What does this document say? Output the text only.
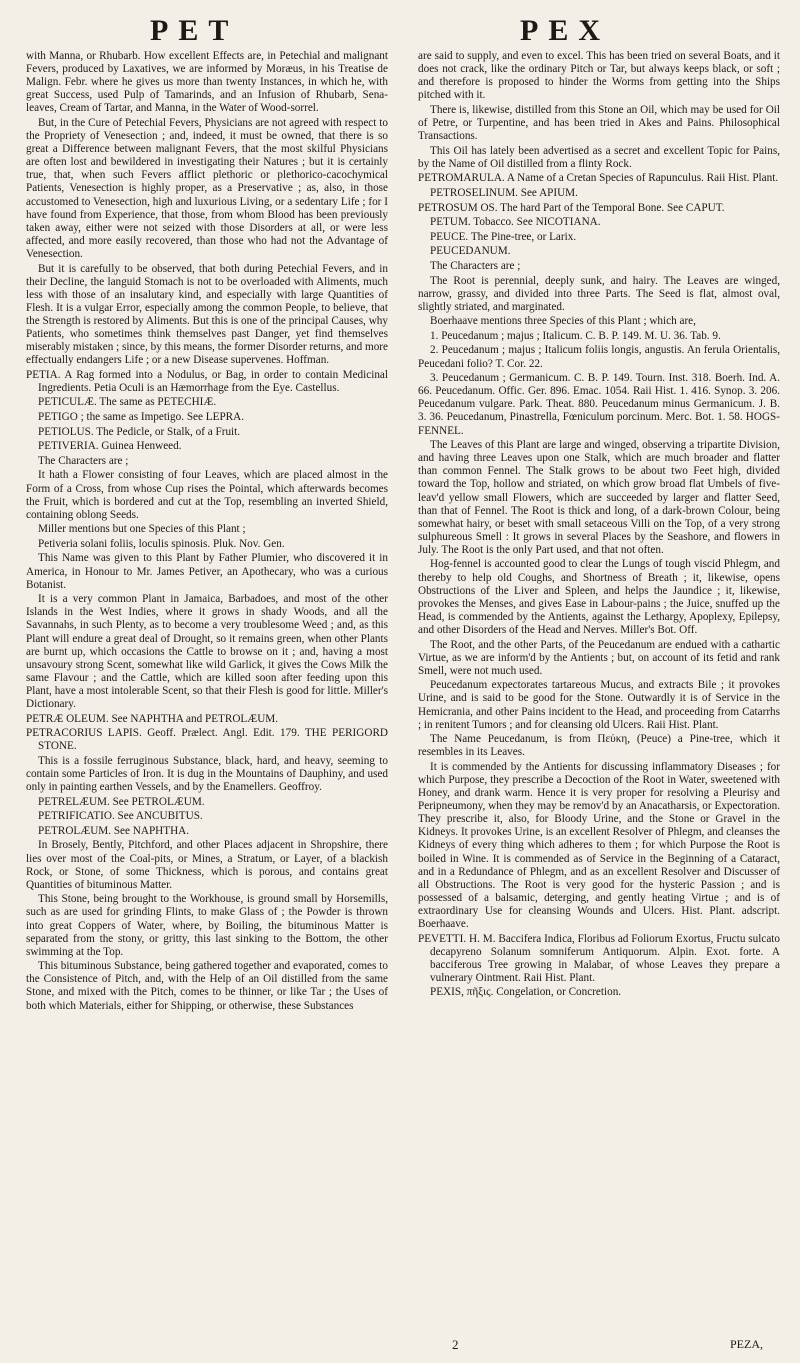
PET	PEX

with Manna, or Rhubarb. How excellent Effects are, in Petechial and malignant Fevers, produced by Laxatives, we are informed by Moræus, in his Treatise de Malign. Febr. where he gives us more than twenty Instances, in which he, with great Success, used Pulp of Tamarinds, and an Infusion of Rhubarb, Sena-leaves, Cream of Tartar, and Manna, in the Water of Wood-sorrel.

But, in the Cure of Petechial Fevers, Physicians are not agreed with respect to the Propriety of Venesection ; and, indeed, it must be owned, that there is so great a Difference between malignant Fevers, that the most skilful Physicians are often lost and bewildered in investigating their Natures ; but it is certainly true, that, when such Fevers afflict plethoric or plethorico-cacochymical Patients, Venesection is highly proper, as a Preservative ; as, also, in those accustomed to Venesection, high and luxurious Living, or a sedentary Life ; for I have found from Experience, that those, from whom Blood has been previously taken away, either were not seized with those Disorders at all, or were less affected, and more easily recovered, than those who had not the Advantage of Venesection.

But it is carefully to be observed, that both during Petechial Fevers, and in their Decline, the languid Stomach is not to be overloaded with Aliments, much less with those of an insalutary kind, and especially with large Quantities of Flesh. It is a vulgar Error, especially among the common People, to believe, that the Strength is restored by Aliments. But this is one of the principal Causes, why Patients, who sometimes think themselves past Danger, yet find themselves miserably mistaken ; since, by this means, the former Disorder returns, and more effectually endangers Life ; or a new Disease supervenes. Hoffman.

PETIA. A Rag formed into a Nodulus, or Bag, in order to contain Medicinal Ingredients. Petia Oculi is an Hæmorrhage from the Eye. Castellus.

PETICULÆ. The same as PETECHIÆ.

PETIGO ; the same as Impetigo. See LEPRA.

PETIOLUS. The Pedicle, or Stalk, of a Fruit.

PETIVERIA. Guinea Henweed.

The Characters are ;

It hath a Flower consisting of four Leaves, which are placed almost in the Form of a Cross, from whose Cup rises the Pointal, which afterwards becomes the Fruit, which is bordered and cut at the Top, resembling an inverted Shield, containing oblong Seeds.

Miller mentions but one Species of this Plant ;

Petiveria solani foliis, loculis spinosis. Pluk. Nov. Gen.

This Name was given to this Plant by Father Plumier, who discovered it in America, in Honour to Mr. James Petiver, an Apothecary, who was a curious Botanist.

It is a very common Plant in Jamaica, Barbadoes, and most of the other Islands in the West Indies, where it grows in shady Woods, and all the Savannahs, in such Plenty, as to become a very troublesome Weed ; and, as this Plant will endure a great deal of Drought, so it remains green, when other Plants are burnt up, which occasions the Cattle to browse on it ; and, having a most unsavoury strong Scent, somewhat like wild Garlick, it gives the Cows Milk the same Flavour ; and the Cattle, which are killed soon after feeding upon this Plant, have a most intolerable Scent, so that their Flesh is good for little. Miller's Dictionary.

PETRÆ OLEUM. See NAPHTHA and PETROLÆUM.

PETRACORIUS LAPIS. Geoff. Prælect. Angl. Edit. 179. THE PERIGORD STONE.

This is a fossile ferruginous Substance, black, hard, and heavy, seeming to contain some Particles of Iron. It is dug in the Mountains of Dauphiny, and used only in painting earthen Vessels, and by the Enamellers. Geoffroy.

PETRELÆUM. See PETROLÆUM.

PETRIFICATIO. See ANCUBITUS.

PETROLÆUM. See NAPHTHA.

In Brosely, Bently, Pitchford, and other Places adjacent in Shropshire, there lies over most of the Coal-pits, or Mines, a Stratum, or Layer, of a blackish Rock, or Stone, of some Thickness, which is porous, and contains great Quantities of bituminous Matter.

This Stone, being brought to the Workhouse, is ground small by Horsemills, such as are used for grinding Flints, to make Glass of ; the Powder is thrown into great Coppers of Water, where, by Boiling, the bituminous Matter is separated from the stony, or gritty, this last sinking to the Bottom, the other swimming at the Top.

This bituminous Substance, being gathered together and evaporated, comes to the Consistence of Pitch, and, with the Help of an Oil distilled from the same Stone, and mixed with the Pitch, comes to be thinner, or like Tar ; the Uses of both which Materials, either for Shipping, or otherwise, these Substances

are said to supply, and even to excel. This has been tried on several Boats, and it does not crack, like the ordinary Pitch or Tar, but always keeps black, or soft ; and therefore is proposed to hinder the Worms from getting into the Ships pitched with it.

There is, likewise, distilled from this Stone an Oil, which may be used for Oil of Petre, or Turpentine, and has been tried in Akes and Pains. Philosophical Transactions.

This Oil has lately been advertised as a secret and excellent Topic for Pains, by the Name of Oil distilled from a flinty Rock.

PETROMARULA. A Name of a Cretan Species of Rapunculus. Raii Hist. Plant.

PETROSELINUM. See APIUM.

PETROSUM OS. The hard Part of the Temporal Bone. See CAPUT.

PETUM. Tobacco. See NICOTIANA.

PEUCE. The Pine-tree, or Larix.

PEUCEDANUM.

The Characters are ;

The Root is perennial, deeply sunk, and hairy. The Leaves are winged, narrow, grassy, and divided into three Parts. The Seed is flat, almost oval, slightly striated, and marginated.

Boerhaave mentions three Species of this Plant ; which are,

1. Peucedanum ; majus ; Italicum. C. B. P. 149. M. U. 36. Tab. 9.

2. Peucedanum ; majus ; Italicum foliis longis, angustis. An ferula Orientalis, Peucedani folio? T. Cor. 22.

3. Peucedanum ; Germanicum. C. B. P. 149. Tourn. Inst. 318. Boerh. Ind. A. 66. Peucedanum. Offic. Ger. 896. Emac. 1054. Raii Hist. 1. 416. Synop. 3. 206. Peucedanum vulgare. Park. Theat. 880. Peucedanum minus Germanicum. J. B. 3. 36. Peucedanum, Pinastrella, Fœniculum porcinum. Merc. Bot. 1. 58. HOGS-FENNEL.

The Leaves of this Plant are large and winged, observing a tripartite Division, and having three Leaves upon one Stalk, which are much broader and flatter than common Fennel. The Stalk grows to be about two Feet high, divided toward the Top, hollow and striated, on which grow broad flat Umbels of five-leav'd yellow small Flowers, which are succeeded by larger and flatter Seed, than that of Fennel. The Root is thick and long, of a dark-brown Colour, being somewhat hairy, or beset with small setaceous Villi on the Top, of a very strong sulphureous Smell : It grows in several Places by the Seashore, and flowers in July. The Root is the only Part used, and that not often.

Hog-fennel is accounted good to clear the Lungs of tough viscid Phlegm, and thereby to help old Coughs, and Shortness of Breath ; it, likewise, opens Obstructions of the Liver and Spleen, and helps the Jaundice ; it, likewise, provokes the Menses, and gives Ease in Labour-pains ; the Juice, snuffed up the Head, is commended by the Antients, against the Lethargy, Apoplexy, Epilepsy, and other Disorders of the Head and Nerves. Miller's Bot. Off.

The Root, and the other Parts, of the Peucedanum are endued with a cathartic Virtue, as we are inform'd by the Antients ; but, on account of its fetid and rank Smell, were not much used.

Peucedanum expectorates tartareous Mucus, and extracts Bile ; it provokes Urine, and is said to be good for the Stone. Outwardly it is of Service in the Hemicrania, and other Pains incident to the Head, and proceeding from Catarrhs ; in renitent Tumors ; and for cleansing old Ulcers. Raii Hist. Plant.

The Name Peucedanum, is from Πεύκη, (Peuce) a Pine-tree, which it resembles in its Leaves.

It is commended by the Antients for discussing inflammatory Diseases ; for which Purpose, they prescribe a Decoction of the Root in Water, sweetened with Honey, and drank warm. Hence it is very proper for resolving a Pleurisy and Peripneumony, when they may be remov'd by an Anacatharsis, or Expectoration. They prescribe it, also, for Bloody Urine, and the Stone or Gravel in the Kidneys. It provokes Urine, is an excellent Resolver of Phlegm, and cleanses the Kidneys of every thing which adheres to them ; for which Purpose the Root is boiled in Wine. It is commended as of Service in the Beginning of a Cataract, and in a Redundance of Phlegm, and as an excellent Resolver and Discusser of all Obstructions. The Root is very good for the hysteric Passion ; and is possessed of a balsamic, deterging, and gently heating Virtue ; and is of extraordinary Use for cleansing Wounds and Ulcers. Hist. Plant. adscript. Boerhaave.

PEVETTI. H. M. Baccifera Indica, Floribus ad Foliorum Exortus, Fructu sulcato decapyreno Solanum somniferum Antiquorum. Alpin. Exot. forte. A bacciferous Tree growing in Malabar, of whose Leaves they prepare a vulnerary Ointment. Raii Hist. Plant.

PEXIS, πῆξις. Congelation, or Concretion.

2	PEZA,
